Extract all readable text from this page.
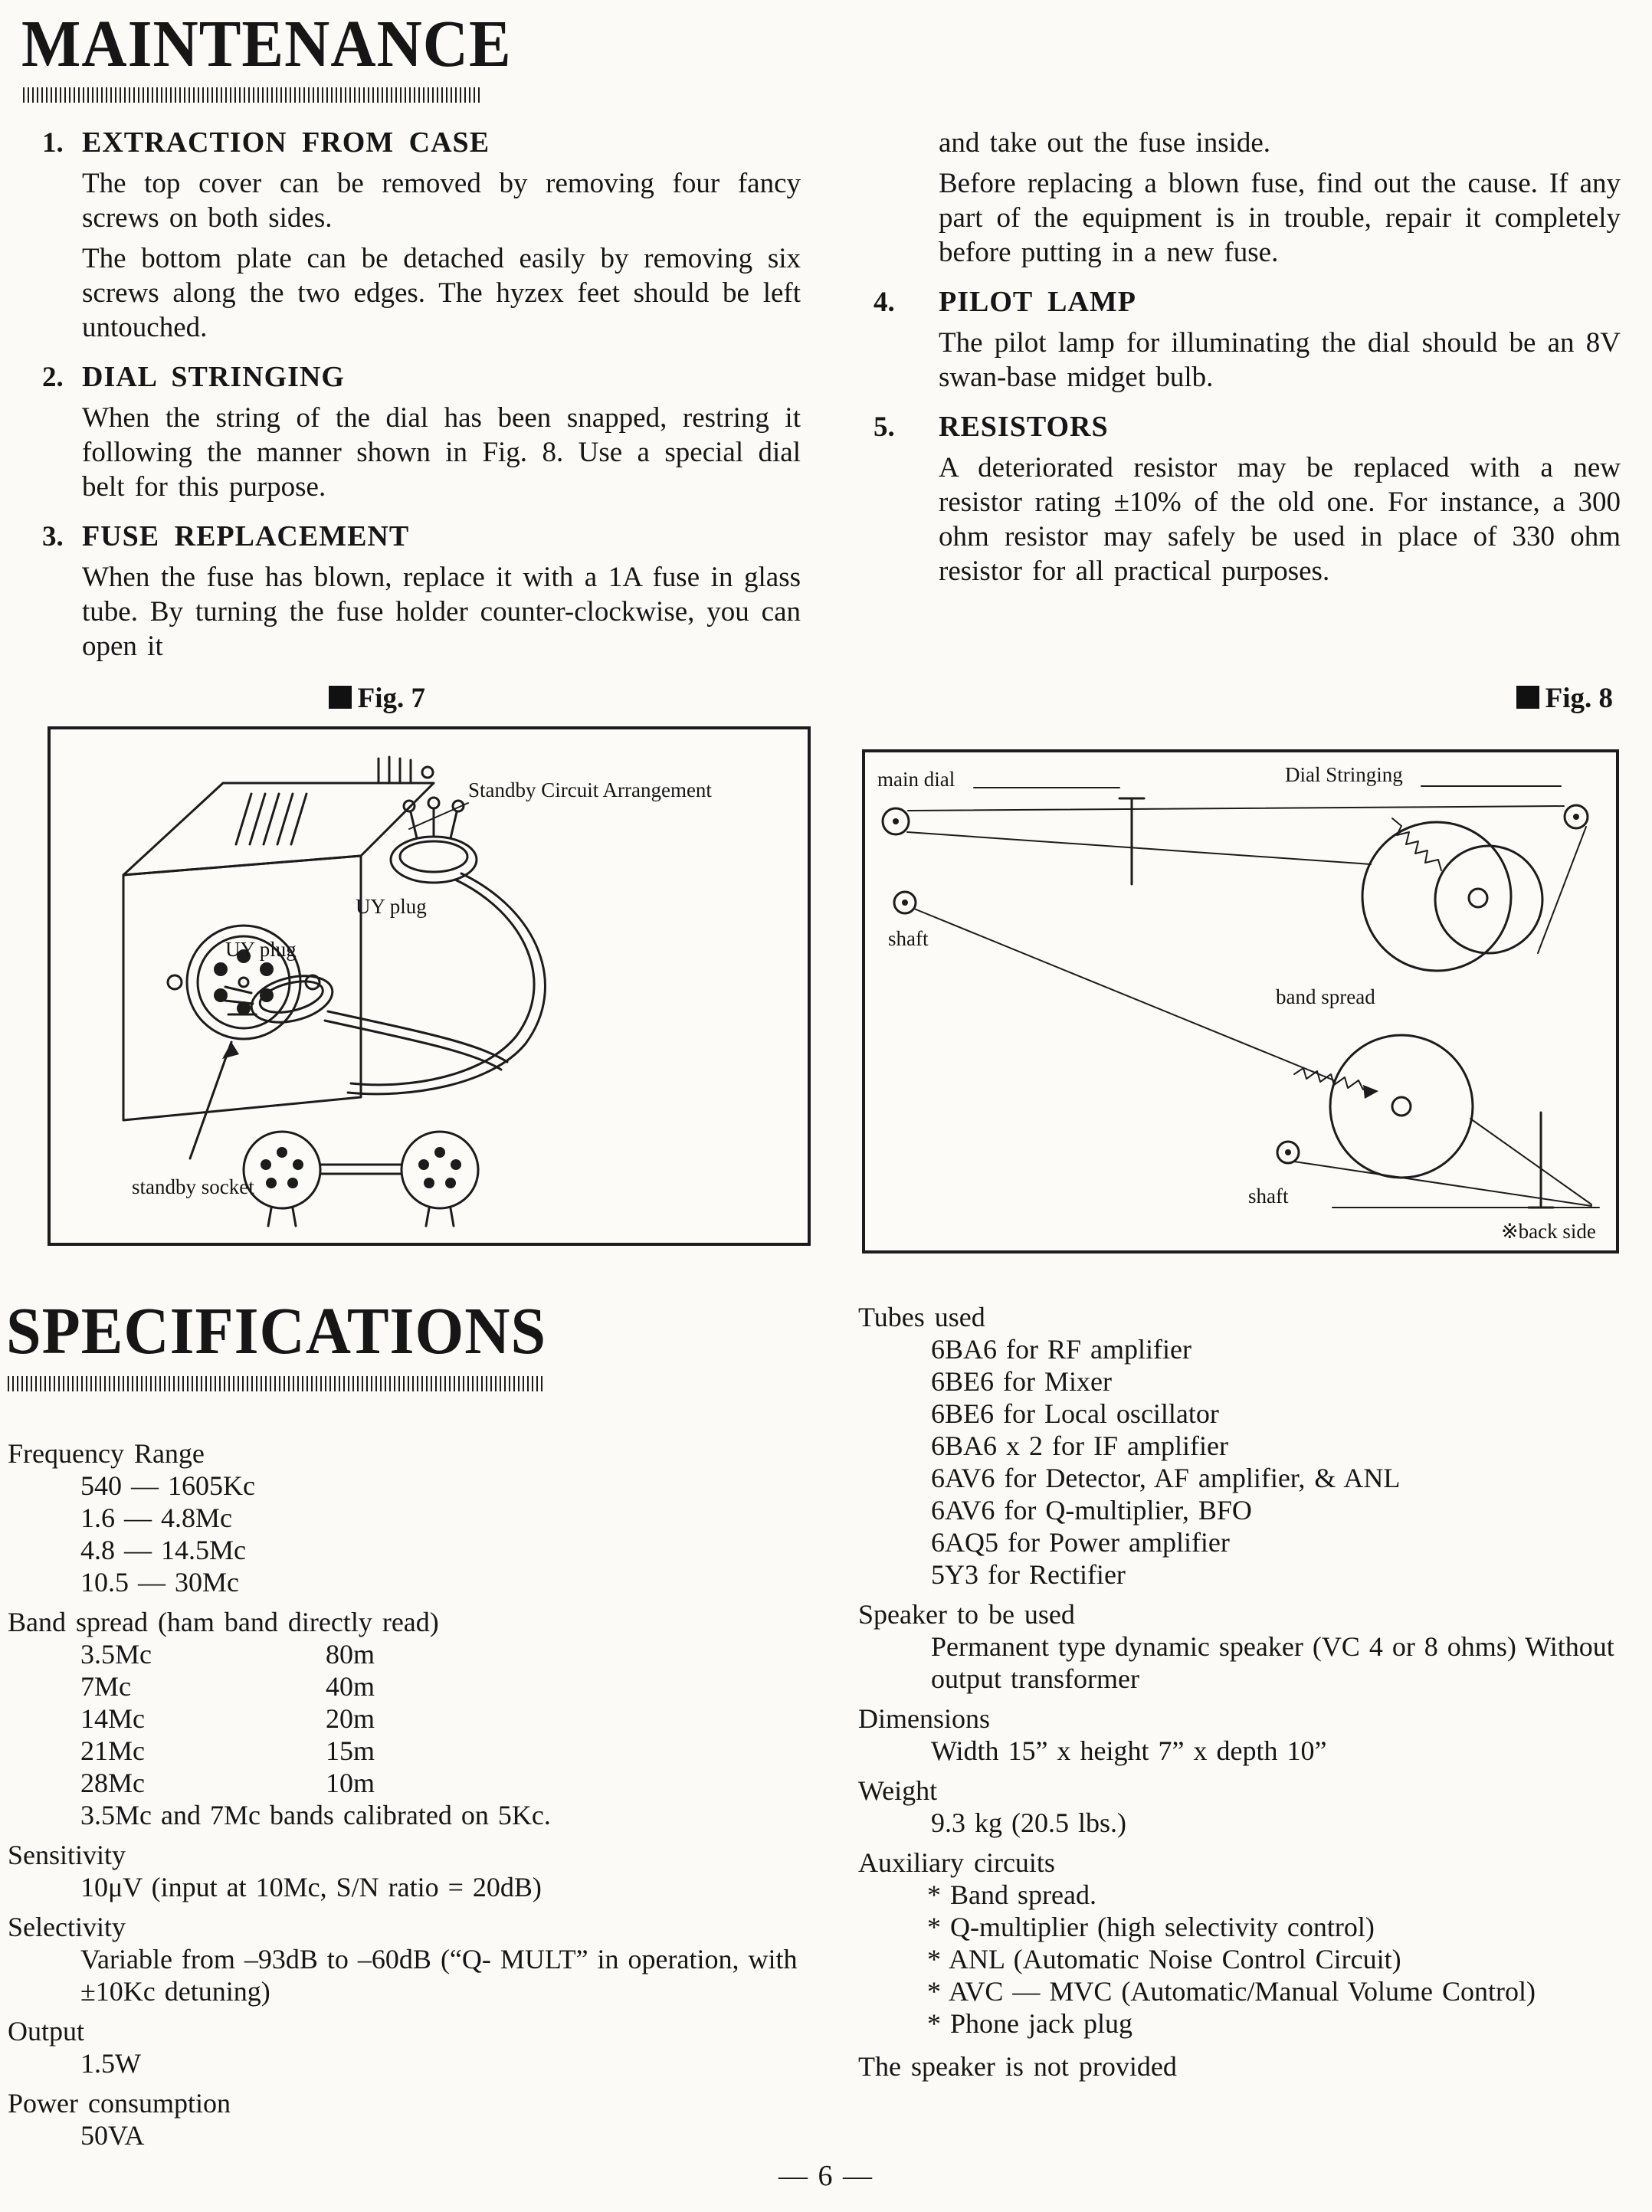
MAINTENANCE
1. EXTRACTION FROM CASE
The top cover can be removed by removing four fancy screws on both sides.
The bottom plate can be detached easily by removing six screws along the two edges. The hyzex feet should be left untouched.
2. DIAL STRINGING
When the string of the dial has been snapped, restring it following the manner shown in Fig. 8. Use a special dial belt for this purpose.
3. FUSE REPLACEMENT
When the fuse has blown, replace it with a 1A fuse in glass tube. By turning the fuse holder counter-clockwise, you can open it
and take out the fuse inside.
Before replacing a blown fuse, find out the cause. If any part of the equipment is in trouble, repair it completely before putting in a new fuse.
4. PILOT LAMP
The pilot lamp for illuminating the dial should be an 8V swan-base midget bulb.
5. RESISTORS
A deteriorated resistor may be replaced with a new resistor rating ±10% of the old one. For instance, a 300 ohm resistor may safely be used in place of 330 ohm resistor for all practical purposes.
Fig. 7	Fig. 8
Standby Circuit Arrangement
UY plug
UY plug
standby socket
main dial	Dial Stringing
shaft
band spread
shaft
※back side
SPECIFICATIONS
Frequency Range
540 — 1605Kc
1.6 — 4.8Mc
4.8 — 14.5Mc
10.5 — 30Mc
Band spread (ham band directly read)
3.5Mc	80m
7Mc	40m
14Mc	20m
21Mc	15m
28Mc	10m
3.5Mc and 7Mc bands calibrated on 5Kc.
Sensitivity
10μV (input at 10Mc, S/N ratio = 20dB)
Selectivity
Variable from –93dB to –60dB (“Q- MULT” in operation, with ±10Kc detuning)
Output
1.5W
Power consumption
50VA
Tubes used
6BA6 for RF amplifier
6BE6 for Mixer
6BE6 for Local oscillator
6BA6 x 2 for IF amplifier
6AV6 for Detector, AF amplifier, & ANL
6AV6 for Q-multiplier, BFO
6AQ5 for Power amplifier
5Y3 for Rectifier
Speaker to be used
Permanent type dynamic speaker (VC 4 or 8 ohms) Without output transformer
Dimensions
Width 15” x height 7” x depth 10”
Weight
9.3 kg (20.5 lbs.)
Auxiliary circuits
* Band spread.
* Q-multiplier (high selectivity control)
* ANL (Automatic Noise Control Circuit)
* AVC — MVC (Automatic/Manual Volume Control)
* Phone jack plug
The speaker is not provided
— 6 —
